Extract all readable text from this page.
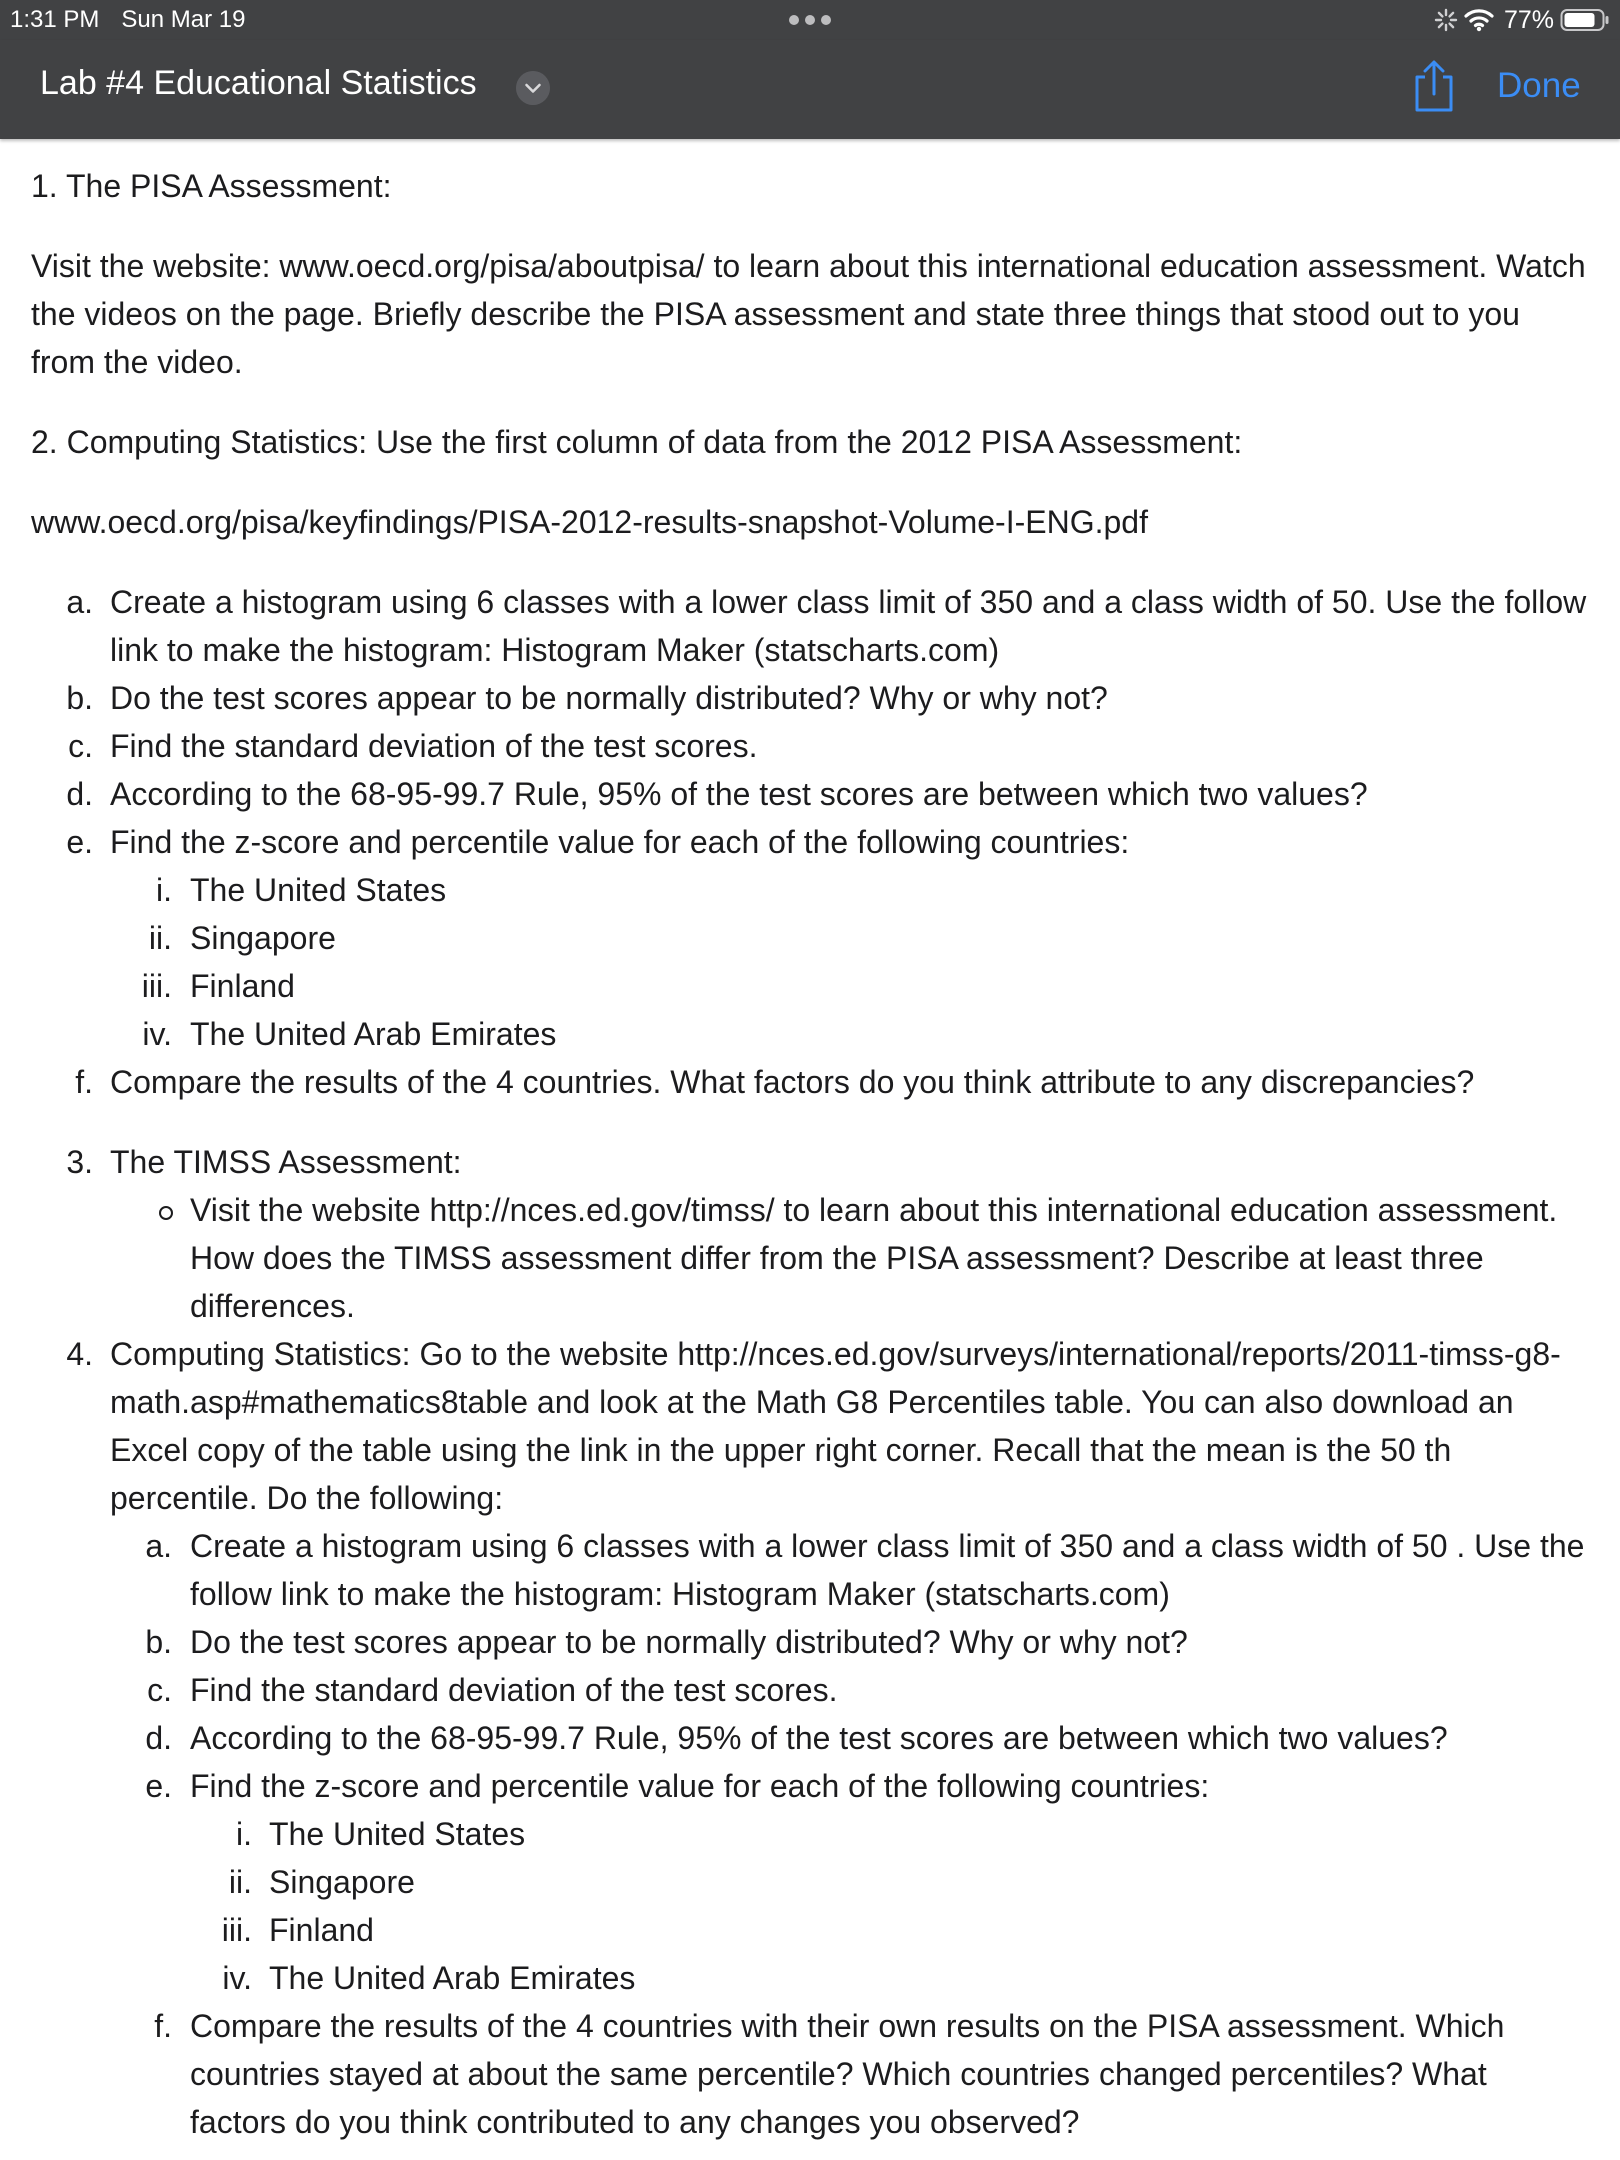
1:31 PM Sun Mar 19	77%
Lab #4 Educational Statistics	Done

1. The PISA Assessment:

Visit the website: www.oecd.org/pisa/aboutpisa/ to learn about this international education assessment. Watch the videos on the page. Briefly describe the PISA assessment and state three things that stood out to you from the video.

2. Computing Statistics: Use the first column of data from the 2012 PISA Assessment:

www.oecd.org/pisa/keyfindings/PISA-2012-results-snapshot-Volume-I-ENG.pdf

a. Create a histogram using 6 classes with a lower class limit of 350 and a class width of 50. Use the follow link to make the histogram: Histogram Maker (statscharts.com)
b. Do the test scores appear to be normally distributed? Why or why not?
c. Find the standard deviation of the test scores.
d. According to the 68-95-99.7 Rule, 95% of the test scores are between which two values?
e. Find the z-score and percentile value for each of the following countries:
i. The United States
ii. Singapore
iii. Finland
iv. The United Arab Emirates
f. Compare the results of the 4 countries. What factors do you think attribute to any discrepancies?
3. The TIMSS Assessment:
Visit the website http://nces.ed.gov/timss/ to learn about this international education assessment. How does the TIMSS assessment differ from the PISA assessment? Describe at least three differences.
4. Computing Statistics: Go to the website http://nces.ed.gov/surveys/international/reports/2011-timss-g8-math.asp#mathematics8table and look at the Math G8 Percentiles table. You can also download an Excel copy of the table using the link in the upper right corner. Recall that the mean is the 50 th percentile. Do the following:
a. Create a histogram using 6 classes with a lower class limit of 350 and a class width of 50 . Use the follow link to make the histogram: Histogram Maker (statscharts.com)
b. Do the test scores appear to be normally distributed? Why or why not?
c. Find the standard deviation of the test scores.
d. According to the 68-95-99.7 Rule, 95% of the test scores are between which two values?
e. Find the z-score and percentile value for each of the following countries:
i. The United States
ii. Singapore
iii. Finland
iv. The United Arab Emirates
f. Compare the results of the 4 countries with their own results on the PISA assessment. Which countries stayed at about the same percentile? Which countries changed percentiles? What factors do you think contributed to any changes you observed?
